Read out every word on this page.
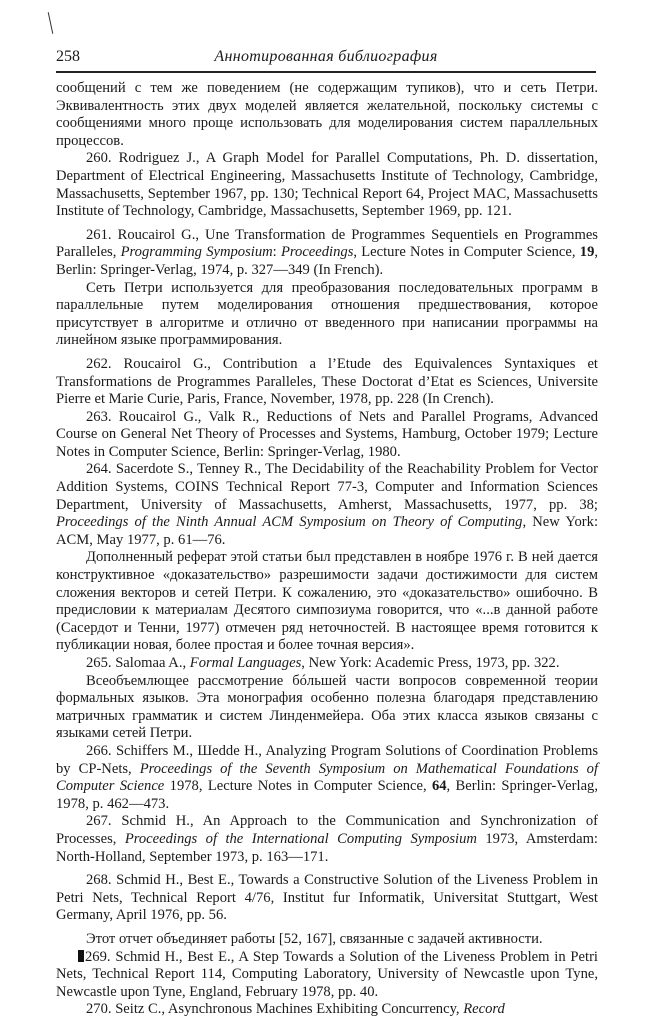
258	Аннотированная библиография

сообщений с тем же поведением (не содержащим тупиков), что и сеть Петри. Эквивалентность этих двух моделей является желательной, поскольку системы с сообщениями много проще использовать для моделирования систем параллельных процессов.

260. Rodriguez J., A Graph Model for Parallel Computations, Ph. D. dissertation, Department of Electrical Engineering, Massachusetts Institute of Technology, Cambridge, Massachusetts, September 1967, pp. 130; Technical Report 64, Project MAC, Massachusetts Institute of Technology, Cambridge, Massachusetts, September 1969, pp. 121.

261. Roucairol G., Une Transformation de Programmes Sequentiels en Programmes Paralleles, Programming Symposium: Proceedings, Lecture Notes in Computer Science, 19, Berlin: Springer-Verlag, 1974, p. 327—349 (In French).

Сеть Петри используется для преобразования последовательных программ в параллельные путем моделирования отношения предшествования, которое присутствует в алгоритме и отлично от введенного при написании программы на линейном языке программирования.

262. Roucairol G., Contribution a l’Etude des Equivalences Syntaxiques et Transformations de Programmes Paralleles, These Doctorat d’Etat es Sciences, Universite Pierre et Marie Curie, Paris, France, November, 1978, pp. 228 (In Crench).

263. Roucairol G., Valk R., Reductions of Nets and Parallel Programs, Advanced Course on General Net Theory of Processes and Systems, Hamburg, October 1979; Lecture Notes in Computer Science, Berlin: Springer-Verlag, 1980.

264. Sacerdote S., Tenney R., The Decidability of the Reachability Problem for Vector Addition Systems, COINS Technical Report 77-3, Computer and Information Sciences Department, University of Massachusetts, Amherst, Massachusetts, 1977, pp. 38; Proceedings of the Ninth Annual ACM Symposium on Theory of Computing, New York: ACM, May 1977, p. 61—76.

Дополненный реферат этой статьи был представлен в ноябре 1976 г. В ней дается конструктивное «доказательство» разрешимости задачи достижимости для систем сложения векторов и сетей Петри. К сожалению, это «доказательство» ошибочно. В предисловии к материалам Десятого симпозиума говорится, что «...в данной работе (Сасердот и Тенни, 1977) отмечен ряд неточностей. В настоящее время готовится к публикации новая, более простая и более точная версия».

265. Salomaa A., Formal Languages, New York: Academic Press, 1973, pp. 322.

Всеобъемлющее рассмотрение бóльшей части вопросов современной теории формальных языков. Эта монография особенно полезна благодаря представлению матричных грамматик и систем Линденмейера. Оба этих класса языков связаны с языками сетей Петри.

266. Schiffers M., Шedde H., Analyzing Program Solutions of Coordination Problems by CP-Nets, Proceedings of the Seventh Symposium on Mathematical Foundations of Computer Science 1978, Lecture Notes in Computer Science, 64, Berlin: Springer-Verlag, 1978, p. 462—473.

267. Schmid H., An Approach to the Communication and Synchronization of Processes, Proceedings of the International Computing Symposium 1973, Amsterdam: North-Holland, September 1973, p. 163—171.

268. Schmid H., Best E., Towards a Constructive Solution of the Liveness Problem in Petri Nets, Technical Report 4/76, Institut fur Informatik, Universitat Stuttgart, West Germany, April 1976, pp. 56.

Этот отчет объединяет работы [52, 167], связанные с задачей активности.

269. Schmid H., Best E., A Step Towards a Solution of the Liveness Problem in Petri Nets, Technical Report 114, Computing Laboratory, University of Newcastle upon Tyne, Newcastle upon Tyne, England, February 1978, pp. 40.

270. Seitz C., Asynchronous Machines Exhibiting Concurrency, Record
